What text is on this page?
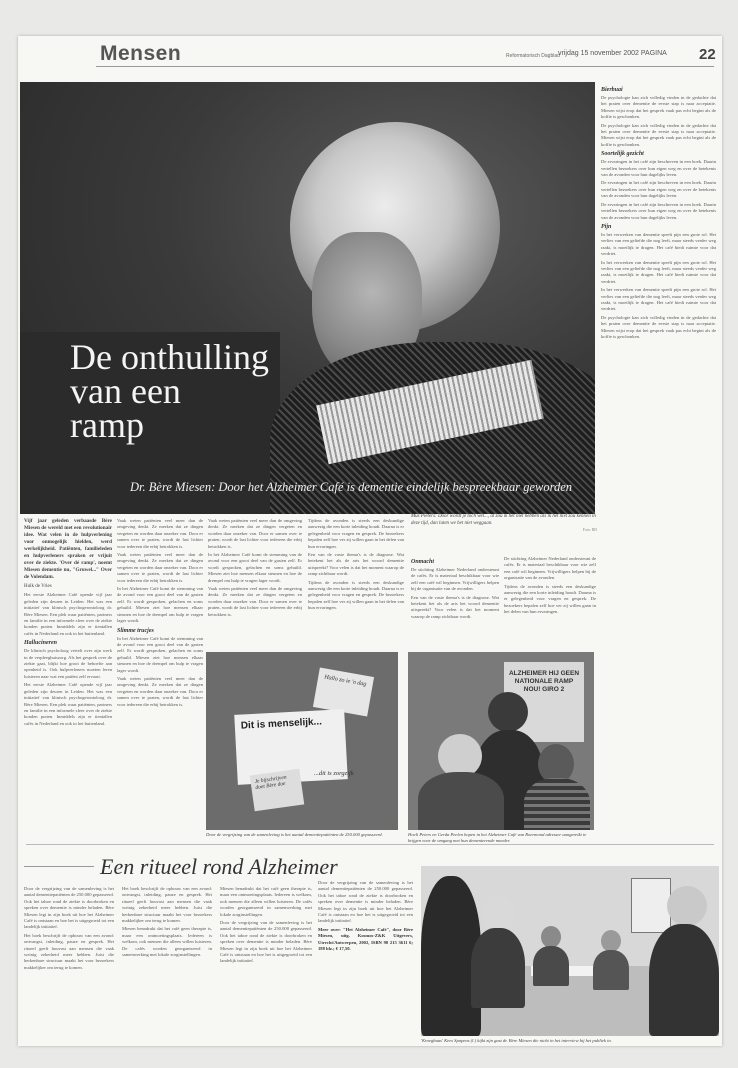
Mensen	Reformatorisch Dagblad
vrijdag 15 november 2002 PAGINA 22
De onthulling
van een
ramp
Dr. Bère Miesen: Door het Alzheimer Café is dementie eindelijk bespreekbaar geworden
Bierbuai

De psychologie kan zich volledig vinden in de gedachte dat het praten over dementie de eerste stap is naar acceptatie. Miesen wijst erop dat het gesprek vaak pas echt begint als de koffie is geschonken.

De psychologie kan zich volledig vinden in de gedachte dat het praten over dementie de eerste stap is naar acceptatie. Miesen wijst erop dat het gesprek vaak pas echt begint als de koffie is geschonken.

Soortelijk gezicht

De ervaringen in het café zijn beschreven in een boek. Daarin vertellen bezoekers over hun eigen weg en over de betekenis van de avonden voor hun dagelijks leven.

De ervaringen in het café zijn beschreven in een boek. Daarin vertellen bezoekers over hun eigen weg en over de betekenis van de avonden voor hun dagelijks leven.

De ervaringen in het café zijn beschreven in een boek. Daarin vertellen bezoekers over hun eigen weg en over de betekenis van de avonden voor hun dagelijks leven.

Pijn

In het verwerken van dementie speelt pijn een grote rol. Het verlies van een geliefde die nog leeft, maar steeds verder weg raakt, is moeilijk te dragen. Het café biedt ruimte voor dat verdriet.

In het verwerken van dementie speelt pijn een grote rol. Het verlies van een geliefde die nog leeft, maar steeds verder weg raakt, is moeilijk te dragen. Het café biedt ruimte voor dat verdriet.

In het verwerken van dementie speelt pijn een grote rol. Het verlies van een geliefde die nog leeft, maar steeds verder weg raakt, is moeilijk te dragen. Het café biedt ruimte voor dat verdriet.

De psychologie kan zich volledig vinden in de gedachte dat het praten over dementie de eerste stap is naar acceptatie. Miesen wijst erop dat het gesprek vaak pas echt begint als de koffie is geschonken.

Vijf jaar geleden verbaasde Bère Miesen de wereld met een revolutionair idee. Wat velen in de hulpverlening voor onmogelijk hielden, werd werkelijkheid. Patiënten, familieleden en hulpverleners spraken er vrijuit over de ziekte. 'Over dé ramp', noemt Miesen dementie nu, "Gruwel..." Over de Volendam.

Hulk de Vries

Het eerste Alzheimer Café opende vijf jaar geleden zijn deuren in Leiden. Het was een initiatief van klinisch psychogerontoloog dr. Bère Miesen. Een plek waar patiënten, partners en familie in een informele sfeer over de ziekte konden praten. Inmiddels zijn er tientallen cafés in Nederland en ook in het buitenland.

Hallucineren

De klinisch psycholoog vertelt over zijn werk in de verpleeghuiszorg. Als het gesprek over de ziekte gaat, blijkt hoe groot de behoefte aan openheid is. Ook hulpverleners moeten leren luisteren naar wat een patiënt zelf ervaart.

Het eerste Alzheimer Café opende vijf jaar geleden zijn deuren in Leiden. Het was een initiatief van klinisch psychogerontoloog dr. Bère Miesen. Een plek waar patiënten, partners en familie in een informele sfeer over de ziekte konden praten. Inmiddels zijn er tientallen cafés in Nederland en ook in het buitenland.

Vaak weten patiënten veel meer dan de omgeving denkt. Ze merken dat ze dingen vergeten en worden daar onzeker van. Door er samen over te praten, wordt de last lichter voor iedereen die erbij betrokken is.

Vaak weten patiënten veel meer dan de omgeving denkt. Ze merken dat ze dingen vergeten en worden daar onzeker van. Door er samen over te praten, wordt de last lichter voor iedereen die erbij betrokken is.

In het Alzheimer Café komt de stemming van de avond voor een groot deel van de gasten zelf. Er wordt gesproken, gelachen en soms gehuild. Miesen ziet hoe mensen elkaar steunen en hoe de drempel om hulp te vragen lager wordt.

Slimme trucjes

In het Alzheimer Café komt de stemming van de avond voor een groot deel van de gasten zelf. Er wordt gesproken, gelachen en soms gehuild. Miesen ziet hoe mensen elkaar steunen en hoe de drempel om hulp te vragen lager wordt.

Vaak weten patiënten veel meer dan de omgeving denkt. Ze merken dat ze dingen vergeten en worden daar onzeker van. Door er samen over te praten, wordt de last lichter voor iedereen die erbij betrokken is.

Vaak weten patiënten veel meer dan de omgeving denkt. Ze merken dat ze dingen vergeten en worden daar onzeker van. Door er samen over te praten, wordt de last lichter voor iedereen die erbij betrokken is.

In het Alzheimer Café komt de stemming van de avond voor een groot deel van de gasten zelf. Er wordt gesproken, gelachen en soms gehuild. Miesen ziet hoe mensen elkaar steunen en hoe de drempel om hulp te vragen lager wordt.

Vaak weten patiënten veel meer dan de omgeving denkt. Ze merken dat ze dingen vergeten en worden daar onzeker van. Door er samen over te praten, wordt de last lichter voor iedereen die erbij betrokken is.

Tijdens de avonden is steeds een deskundige aanwezig die een korte inleiding houdt. Daarna is er gelegenheid voor vragen en gesprek. De bezoekers bepalen zelf hoe ver zij willen gaan in het delen van hun ervaringen.

Een van de vaste thema's is de diagnose. Wat betekent het als de arts het woord dementie uitspreekt? Voor velen is dat het moment waarop de ramp zichtbaar wordt.

Tijdens de avonden is steeds een deskundige aanwezig die een korte inleiding houdt. Daarna is er gelegenheid voor vragen en gesprek. De bezoekers bepalen zelf hoe ver zij willen gaan in het delen van hun ervaringen.

Mus Pieters: Door wordt je toch wel..., al zou ik het niet hebben als ik het niet zou kennen in deze tijd, dan laten we het niet weggaan.

Foto: RD

Onmacht

De stichting Alzheimer Nederland ondersteunt de cafés. Er is materiaal beschikbaar voor wie zelf een café wil beginnen. Vrijwilligers helpen bij de organisatie van de avonden.

Een van de vaste thema's is de diagnose. Wat betekent het als de arts het woord dementie uitspreekt? Voor velen is dat het moment waarop de ramp zichtbaar wordt.

De stichting Alzheimer Nederland ondersteunt de cafés. Er is materiaal beschikbaar voor wie zelf een café wil beginnen. Vrijwilligers helpen bij de organisatie van de avonden.

Tijdens de avonden is steeds een deskundige aanwezig die een korte inleiding houdt. Daarna is er gelegenheid voor vragen en gesprek. De bezoekers bepalen zelf hoe ver zij willen gaan in het delen van hun ervaringen.

Hallo zo ie 'n dag
Dit is menselijk...
...dit is zorgzijk
Je bijschrijven doet Bère doe
Door de vergrijzing van de samenleving is het aantal dementiepatiënten de 250.000 gepasseerd.
ALZHEIMER HIJ GEEN NATIONALE RAMP NOU! GIRO 2
Hoeli Peters en Gerda Peelen hopen in het Alzheimer Café van Roermond adresser aangereikt te krijgen voor de omgang met hun dementerende moeder.
Een ritueel rond Alzheimer

Door de vergrijzing van de samenleving is het aantal dementiepatiënten de 250.000 gepasseerd. Ook het taboe rond de ziekte is doorbroken en spreken over dementie is minder beladen. Bère Miesen legt in zijn boek uit hoe het Alzheimer Café is ontstaan en hoe het is uitgegroeid tot een landelijk initiatief.

Het boek beschrijft de opbouw van een avond: ontvangst, inleiding, pauze en gesprek. Het ritueel geeft houvast aan mensen die vaak weinig zekerheid meer hebben. Juist die herkenbare structuur maakt het voor bezoekers makkelijker om terug te komen.

Het boek beschrijft de opbouw van een avond: ontvangst, inleiding, pauze en gesprek. Het ritueel geeft houvast aan mensen die vaak weinig zekerheid meer hebben. Juist die herkenbare structuur maakt het voor bezoekers makkelijker om terug te komen.

Miesen benadrukt dat het café geen therapie is, maar een ontmoetingsplaats. Iedereen is welkom, ook mensen die alleen willen luisteren. De cafés worden georganiseerd in samenwerking met lokale zorginstellingen.

Miesen benadrukt dat het café geen therapie is, maar een ontmoetingsplaats. Iedereen is welkom, ook mensen die alleen willen luisteren. De cafés worden georganiseerd in samenwerking met lokale zorginstellingen.

Door de vergrijzing van de samenleving is het aantal dementiepatiënten de 250.000 gepasseerd. Ook het taboe rond de ziekte is doorbroken en spreken over dementie is minder beladen. Bère Miesen legt in zijn boek uit hoe het Alzheimer Café is ontstaan en hoe het is uitgegroeid tot een landelijk initiatief.

Door de vergrijzing van de samenleving is het aantal dementiepatiënten de 250.000 gepasseerd. Ook het taboe rond de ziekte is doorbroken en spreken over dementie is minder beladen. Bère Miesen legt in zijn boek uit hoe het Alzheimer Café is ontstaan en hoe het is uitgegroeid tot een landelijk initiatief.

Meer over: "Het Alzheimer Café", door Bère Miesen, uitg. Kosmos-Z&K Uitgevers, Utrecht/Antwerpen, 2002, ISBN 90 215 3611 6; 188 blz.; € 17,50.

'Kroegbaas' Kees Spapens (l.) kijkt zijn gast dr. Bère Miesen die nicht in het interview bij het publiek in.
